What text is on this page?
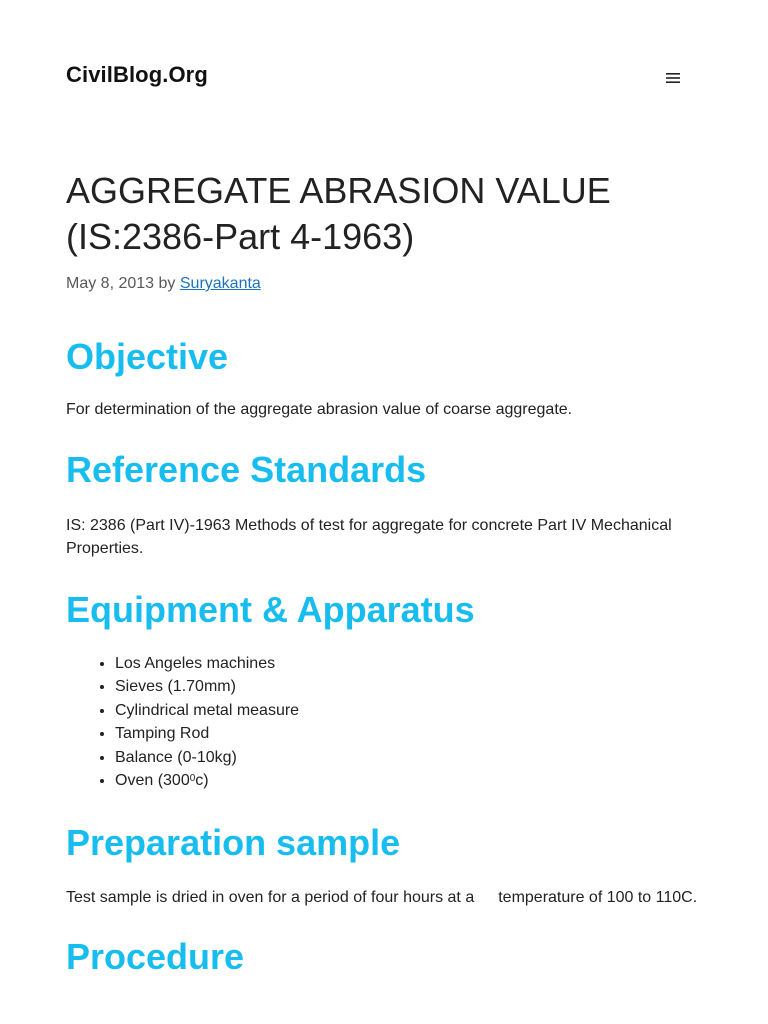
CivilBlog.Org
AGGREGATE ABRASION VALUE (IS:2386-Part 4-1963)
May 8, 2013 by Suryakanta
Objective

For determination of the aggregate abrasion value of coarse aggregate.

Reference Standards

IS: 2386 (Part IV)-1963 Methods of test for aggregate for concrete Part IV Mechanical Properties.

Equipment & Apparatus
• Los Angeles machines
• Sieves (1.70mm)
• Cylindrical metal measure
• Tamping Rod
• Balance (0-10kg)
• Oven $(300^0c)$
Preparation sample

Test sample is dried in oven for a period of four hours at a temperature of 100 to 110C.

Procedure
